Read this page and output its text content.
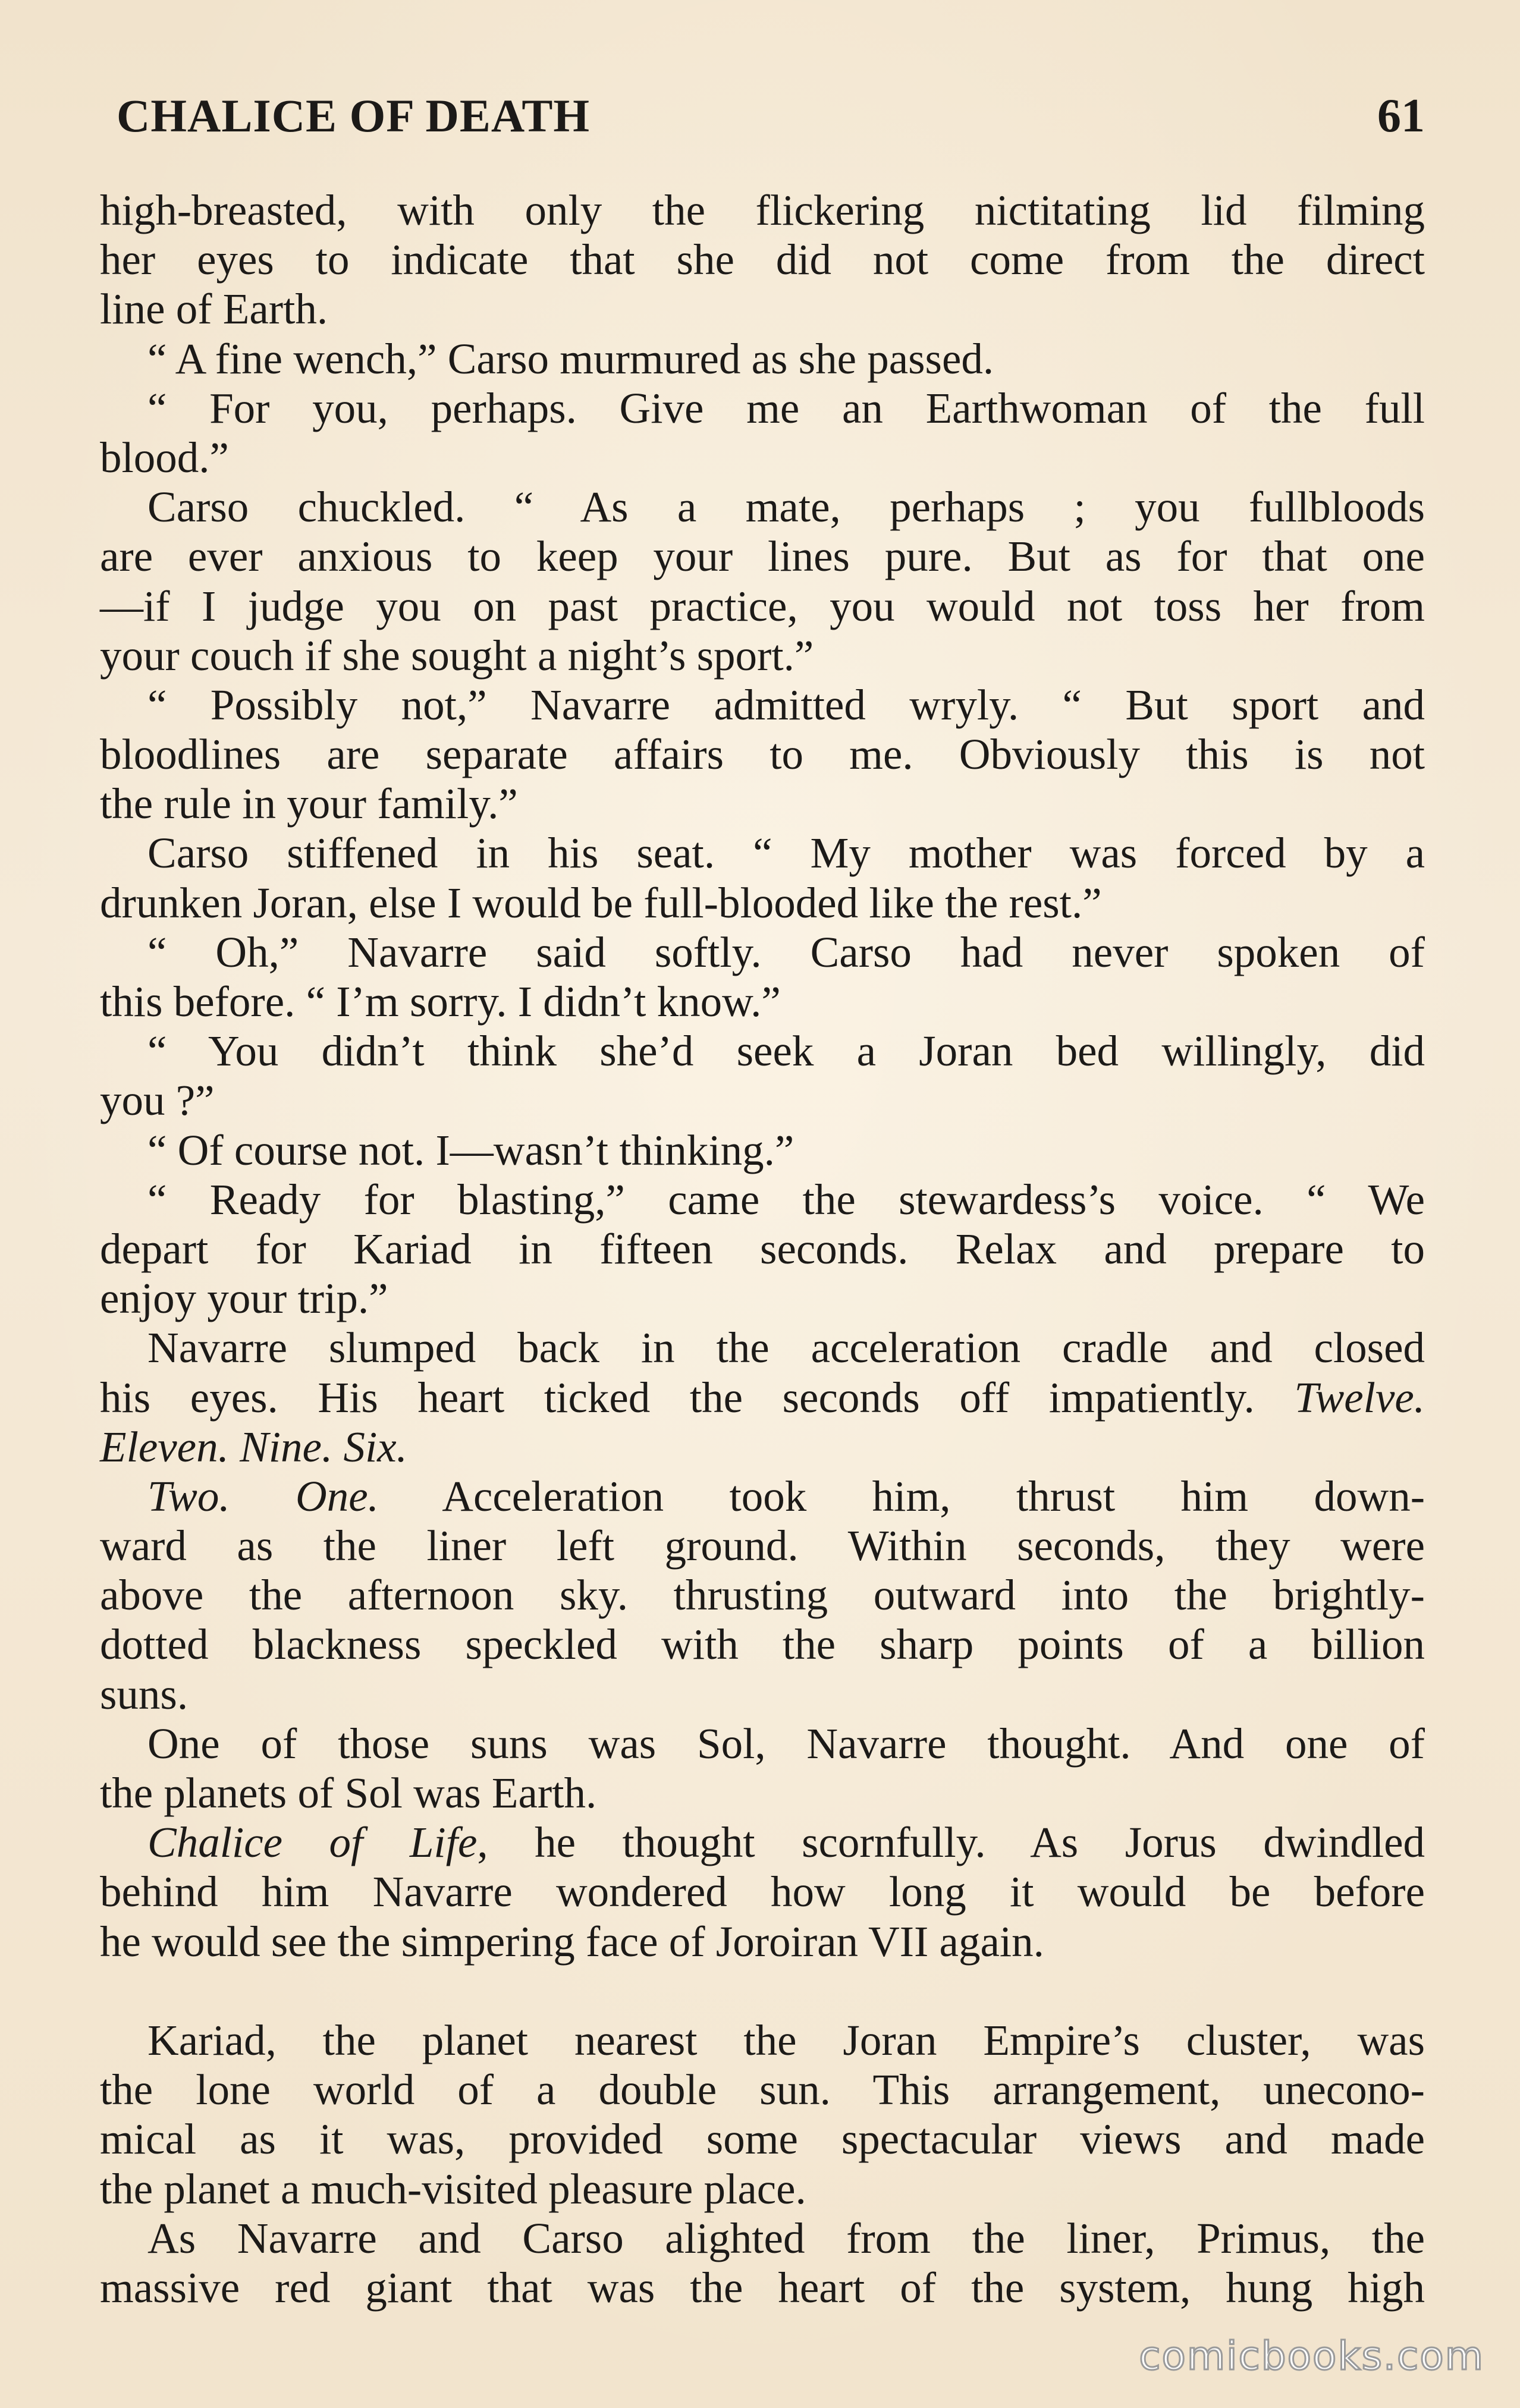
CHALICE OF DEATH	61
high-breasted, with only the flickering nictitating lid filming
her eyes to indicate that she did not come from the direct
line of Earth.
“ A fine wench,” Carso murmured as she passed.
“ For you, perhaps. Give me an Earthwoman of the full
blood.”
Carso chuckled. “ As a mate, perhaps ; you fullbloods
are ever anxious to keep your lines pure. But as for that one
—if I judge you on past practice, you would not toss her from
your couch if she sought a night’s sport.”
“ Possibly not,” Navarre admitted wryly. “ But sport and
bloodlines are separate affairs to me. Obviously this is not
the rule in your family.”
Carso stiffened in his seat. “ My mother was forced by a
drunken Joran, else I would be full-blooded like the rest.”
“ Oh,” Navarre said softly. Carso had never spoken of
this before. “ I’m sorry. I didn’t know.”
“ You didn’t think she’d seek a Joran bed willingly, did
you ?”
“ Of course not. I—wasn’t thinking.”
“ Ready for blasting,” came the stewardess’s voice. “ We
depart for Kariad in fifteen seconds. Relax and prepare to
enjoy your trip.”
Navarre slumped back in the acceleration cradle and closed
his eyes. His heart ticked the seconds off impatiently. Twelve.
Eleven. Nine. Six.
Two. One. Acceleration took him, thrust him down-
ward as the liner left ground. Within seconds, they were
above the afternoon sky. thrusting outward into the brightly-
dotted blackness speckled with the sharp points of a billion
suns.
One of those suns was Sol, Navarre thought. And one of
the planets of Sol was Earth.
Chalice of Life, he thought scornfully. As Jorus dwindled
behind him Navarre wondered how long it would be before
he would see the simpering face of Joroiran VII again.
Kariad, the planet nearest the Joran Empire’s cluster, was
the lone world of a double sun. This arrangement, unecono-
mical as it was, provided some spectacular views and made
the planet a much-visited pleasure place.
As Navarre and Carso alighted from the liner, Primus, the
massive red giant that was the heart of the system, hung high
comicbooks.com
